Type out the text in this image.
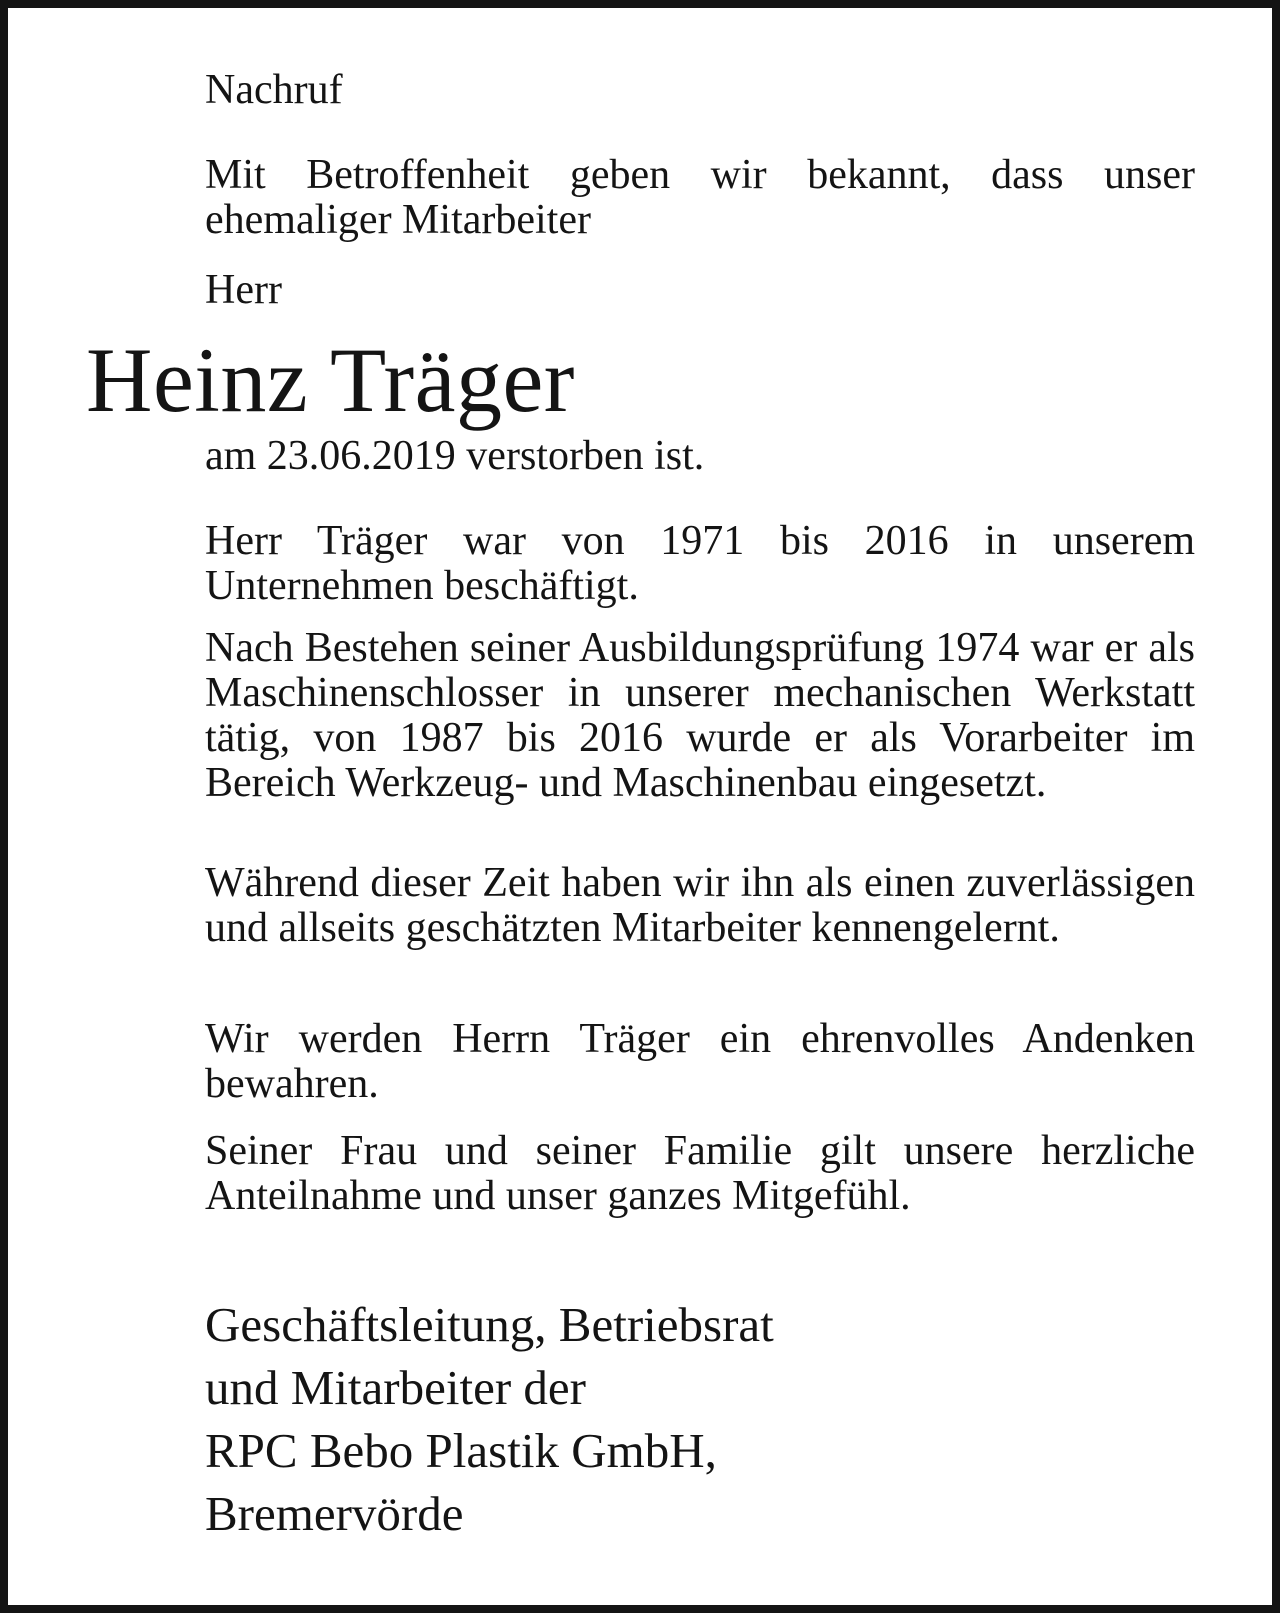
Nachruf

Mit Betroffenheit geben wir bekannt, dass unser ehemaliger Mitarbeiter

Herr

Heinz Träger

am 23.06.2019 verstorben ist.

Herr Träger war von 1971 bis 2016 in unserem Unternehmen beschäftigt.

Nach Bestehen seiner Ausbildungsprüfung 1974 war er als Maschinenschlosser in unserer mechanischen Werkstatt tätig, von 1987 bis 2016 wurde er als Vorarbeiter im Bereich Werkzeug- und Maschinenbau eingesetzt.

Während dieser Zeit haben wir ihn als einen zuverlässigen und allseits geschätzten Mitarbeiter kennengelernt.

Wir werden Herrn Träger ein ehrenvolles Andenken bewahren.

Seiner Frau und seiner Familie gilt unsere herzliche Anteilnahme und unser ganzes Mitgefühl.

Geschäftsleitung, Betriebsrat
und Mitarbeiter der
RPC Bebo Plastik GmbH,
Bremervörde
